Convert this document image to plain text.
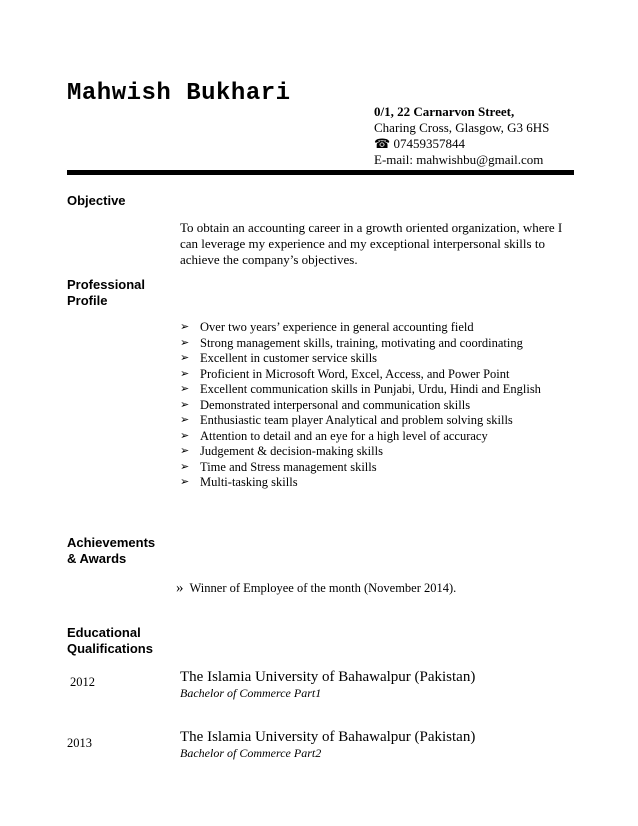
Mahwish Bukhari
0/1, 22 Carnarvon Street,
Charing Cross, Glasgow, G3 6HS
☎ 07459357844
E-mail: mahwishbu@gmail.com
Objective
To obtain an accounting career in a growth oriented organization, where I can leverage my experience and my exceptional interpersonal skills to achieve the company’s objectives.
Professional
Profile
➢ Over two years’ experience in general accounting field
➢ Strong management skills, training, motivating and coordinating
➢ Excellent in customer service skills
➢ Proficient in Microsoft Word, Excel, Access, and Power Point
➢ Excellent communication skills in Punjabi, Urdu, Hindi and English
➢ Demonstrated interpersonal and communication skills
➢ Enthusiastic team player Analytical and problem solving skills
➢ Attention to detail and an eye for a high level of accuracy
➢ Judgement & decision-making skills
➢ Time and Stress management skills
➢ Multi-tasking skills
Achievements
& Awards
» Winner of Employee of the month (November 2014).
Educational
Qualifications
2012	The Islamia University of Bahawalpur (Pakistan)
Bachelor of Commerce Part1
2013	The Islamia University of Bahawalpur (Pakistan)
Bachelor of Commerce Part2
